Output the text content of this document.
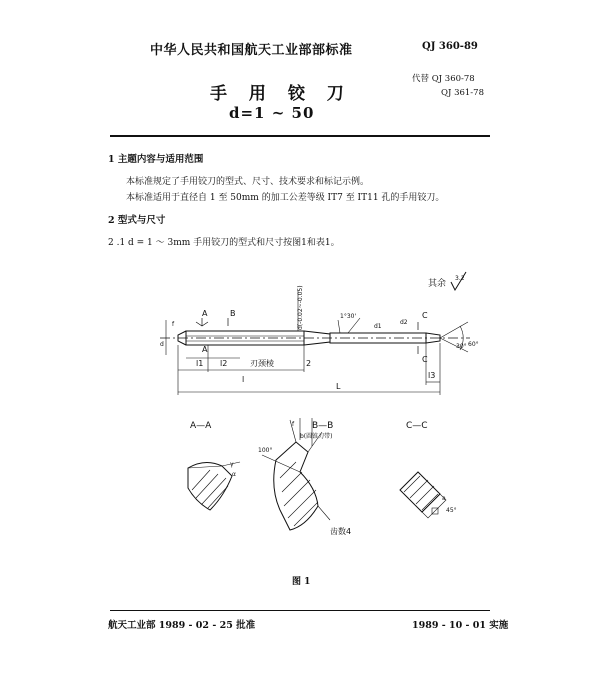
中华人民共和国航天工业部部标准	QJ 360-89
代替 QJ 360-78
QJ 361-78
手 用 铰 刀
d=1 ~ 50
1 主题内容与适用范围
本标准规定了手用铰刀的型式、尺寸、技术要求和标记示例。
本标准适用于直径自 1 至 50mm 的加工公差等级 IT7 至 IT11 孔的手用铰刀。
2 型式与尺寸
2 .1 d = 1 ～ 3mm 手用铰刀的型式和尺寸按图1和表1。
其余
3.2
A
A
B	C
C
f
d
l1 l2	刃颈棱
l
2
L
l3
d1
d2
d(-0.02~-0.05)	1°30'
30° 60°
A—A	B—B	C—C
γ
α
100°
b(圆锥刃带)
f
齿数4
a
45°
图 1
航天工业部 1989 - 02 - 25 批准	1989 - 10 - 01 实施
